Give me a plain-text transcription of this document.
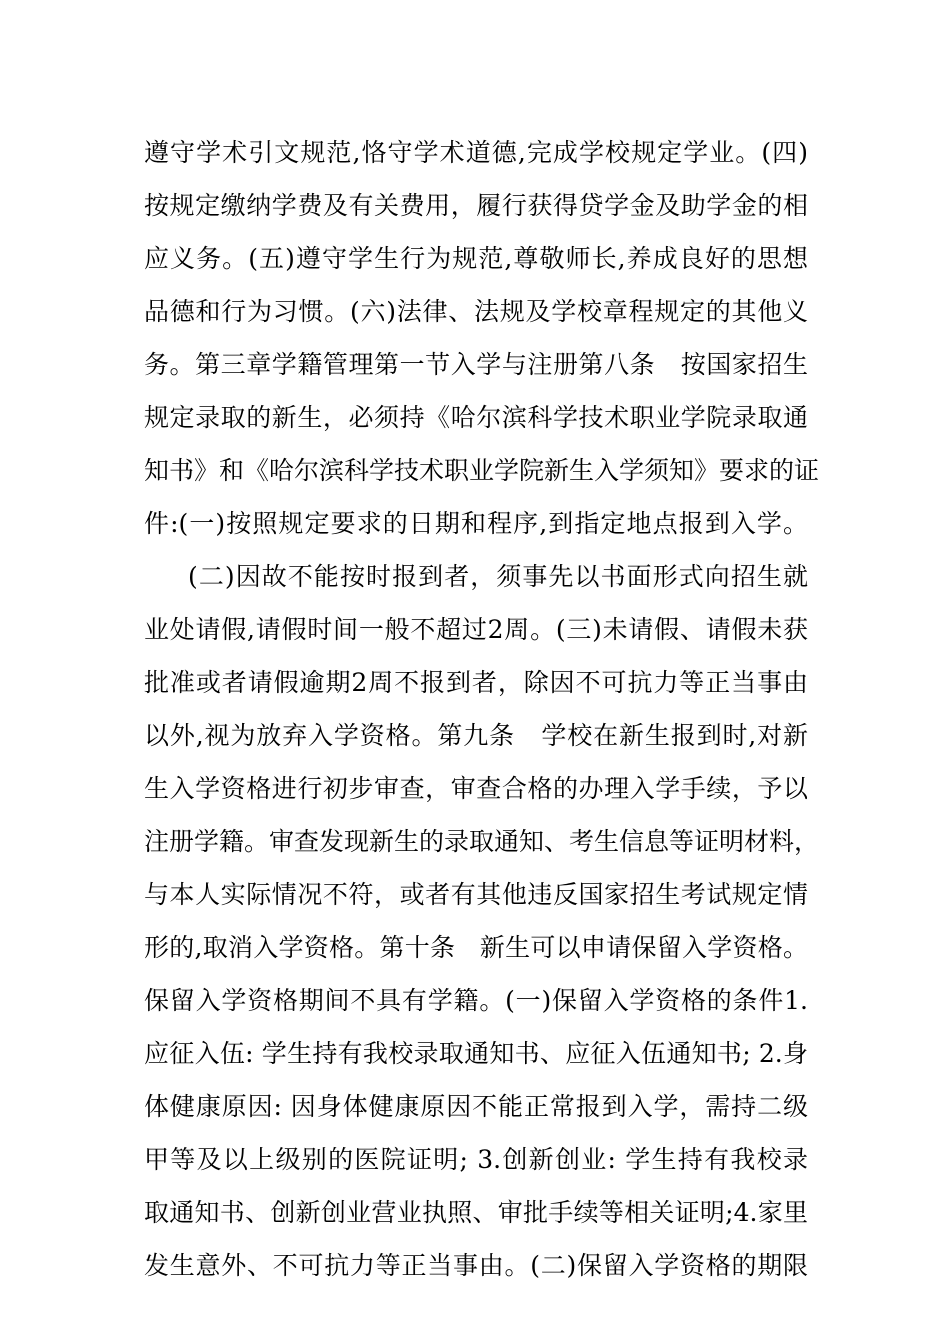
遵守学术引文规范,恪守学术道德,完成学校规定学业。(四)
按规定缴纳学费及有关费用，履行获得贷学金及助学金的相
应义务。(五)遵守学生行为规范,尊敬师长,养成良好的思想
品德和行为习惯。(六)法律、法规及学校章程规定的其他义
务。第三章学籍管理第一节入学与注册第八条   按国家招生
规定录取的新生，必须持《哈尔滨科学技术职业学院录取通
知书》和《哈尔滨科学技术职业学院新生入学须知》要求的证
件:(一)按照规定要求的日期和程序,到指定地点报到入学。
(二)因故不能按时报到者，须事先以书面形式向招生就
业处请假,请假时间一般不超过2周。(三)未请假、请假未获
批准或者请假逾期2周不报到者，除因不可抗力等正当事由
以外,视为放弃入学资格。第九条   学校在新生报到时,对新
生入学资格进行初步审查，审查合格的办理入学手续，予以
注册学籍。审查发现新生的录取通知、考生信息等证明材料，
与本人实际情况不符，或者有其他违反国家招生考试规定情
形的,取消入学资格。第十条   新生可以申请保留入学资格。
保留入学资格期间不具有学籍。(一)保留入学资格的条件1.
应征入伍: 学生持有我校录取通知书、应征入伍通知书; 2.身
体健康原因: 因身体健康原因不能正常报到入学，需持二级
甲等及以上级别的医院证明; 3.创新创业: 学生持有我校录
取通知书、创新创业营业执照、审批手续等相关证明;4.家里
发生意外、不可抗力等正当事由。(二)保留入学资格的期限
